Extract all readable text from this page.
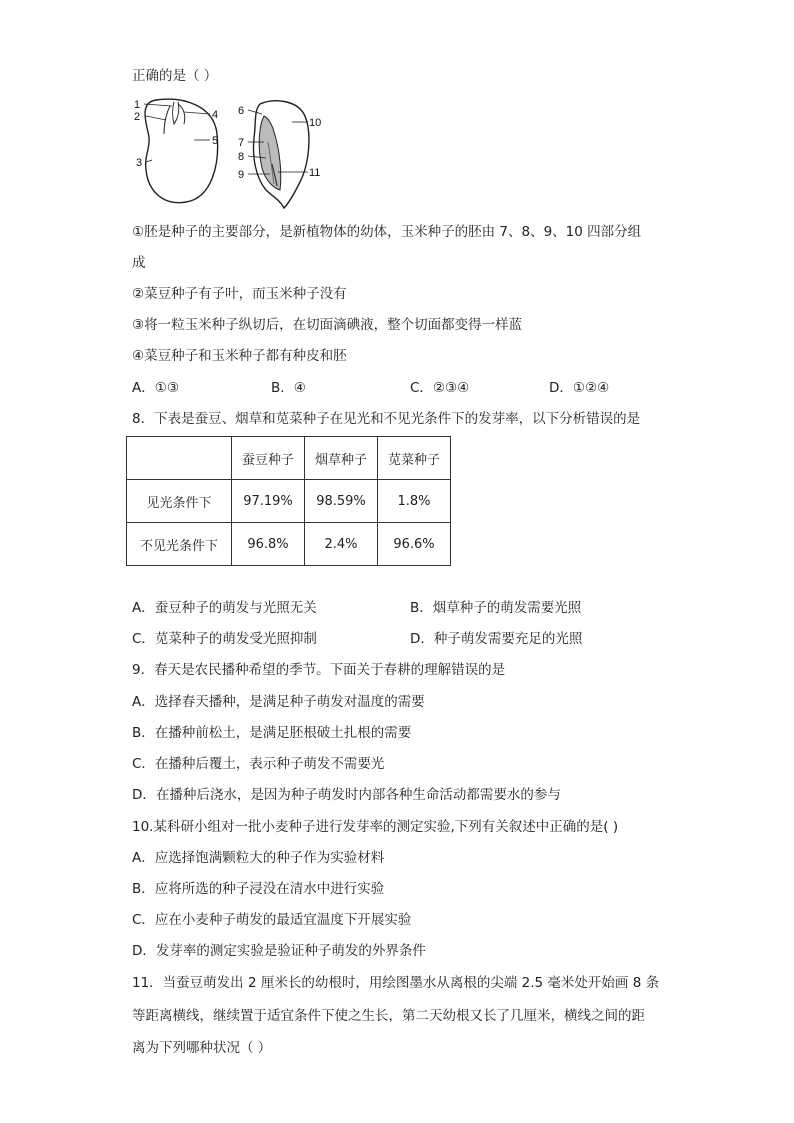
正确的是（ ）
1
2
3
4
5
6
7
8
9
10
11
①胚是种子的主要部分，是新植物体的幼体，玉米种子的胚由 7、8、9、10 四部分组
成
②菜豆种子有子叶，而玉米种子没有
③将一粒玉米种子纵切后，在切面滴碘液，整个切面都变得一样蓝
④菜豆种子和玉米种子都有种皮和胚
A．①③	B．④	C．②③④	D．①②④
8．下表是蚕豆、烟草和苋菜种子在见光和不见光条件下的发芽率，以下分析错误的是
	蚕豆种子	烟草种子	苋菜种子
见光条件下	97.19%	98.59%	1.8%
不见光条件下	96.8%	2.4%	96.6%
A．蚕豆种子的萌发与光照无关	B．烟草种子的萌发需要光照
C．苋菜种子的萌发受光照抑制	D．种子萌发需要充足的光照
9．春天是农民播种希望的季节。下面关于春耕的理解错误的是
A．选择春天播种，是满足种子萌发对温度的需要
B．在播种前松土，是满足胚根破土扎根的需要
C．在播种后覆土，表示种子萌发不需要光
D．在播种后浇水，是因为种子萌发时内部各种生命活动都需要水的参与
10.某科研小组对一批小麦种子进行发芽率的测定实验,下列有关叙述中正确的是( )
A．应选择饱满颗粒大的种子作为实验材料
B．应将所选的种子浸没在清水中进行实验
C．应在小麦种子萌发的最适宜温度下开展实验
D．发芽率的测定实验是验证种子萌发的外界条件
11．当蚕豆萌发出 2 厘米长的幼根时，用绘图墨水从离根的尖端 2.5 毫米处开始画 8 条
等距离横线，继续置于适宜条件下使之生长，第二天幼根又长了几厘米，横线之间的距
离为下列哪种状况（ ）
